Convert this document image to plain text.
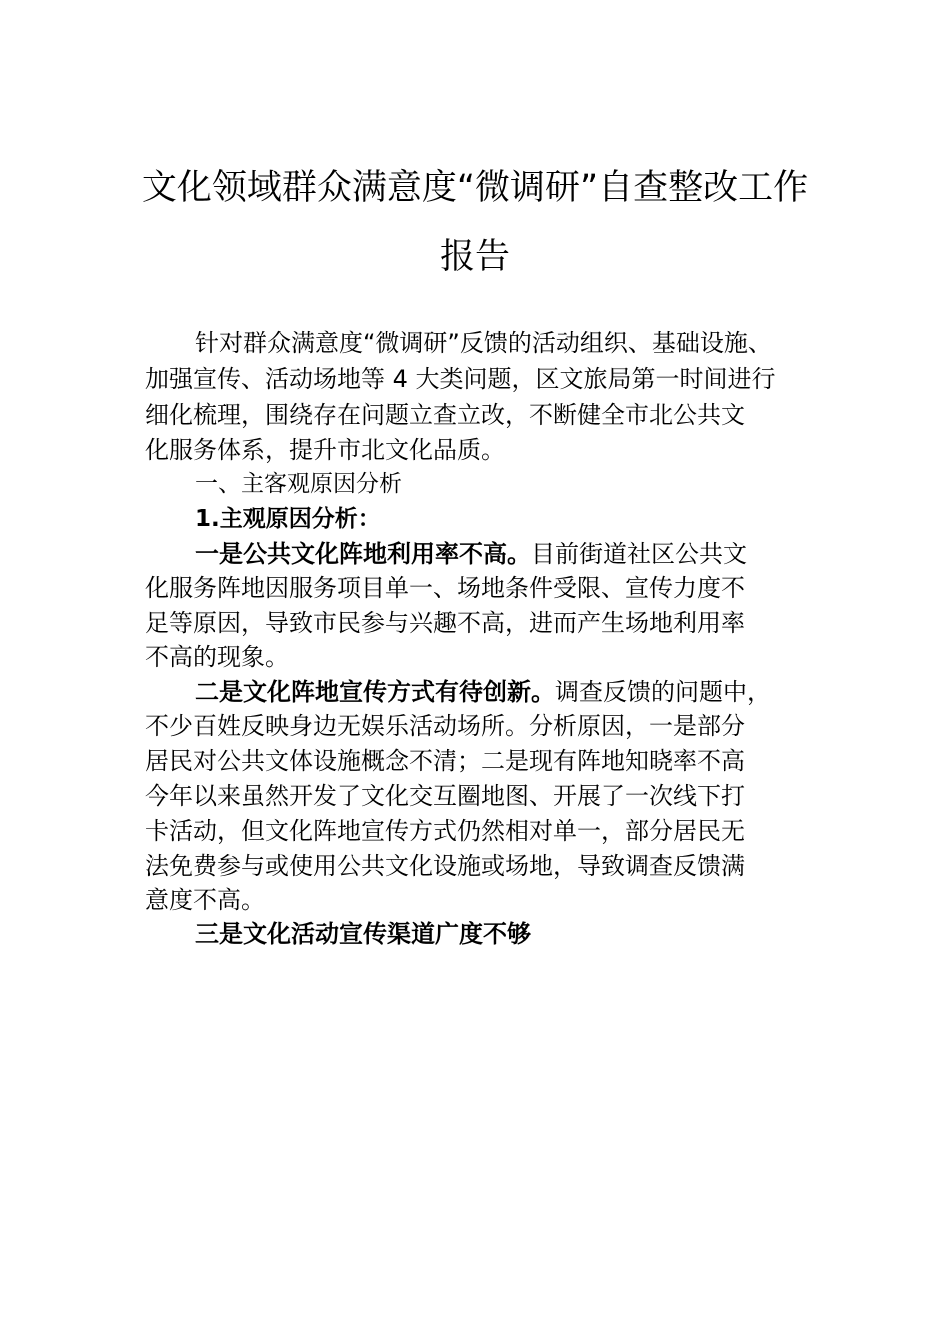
文化领域群众满意度“微调研”自查整改工作
报告

针对群众满意度“微调研”反馈的活动组织、基础设施、

加强宣传、活动场地等 4 大类问题，区文旅局第一时间进行

细化梳理，围绕存在问题立查立改，不断健全市北公共文

化服务体系，提升市北文化品质。

一、主客观原因分析

1.主观原因分析：

一是公共文化阵地利用率不高。目前街道社区公共文

化服务阵地因服务项目单一、场地条件受限、宣传力度不

足等原因，导致市民参与兴趣不高，进而产生场地利用率

不高的现象。

二是文化阵地宣传方式有待创新。调查反馈的问题中，

不少百姓反映身边无娱乐活动场所。分析原因，一是部分

居民对公共文体设施概念不清；二是现有阵地知晓率不高

今年以来虽然开发了文化交互圈地图、开展了一次线下打

卡活动，但文化阵地宣传方式仍然相对单一，部分居民无

法免费参与或使用公共文化设施或场地，导致调查反馈满

意度不高。

三是文化活动宣传渠道广度不够
